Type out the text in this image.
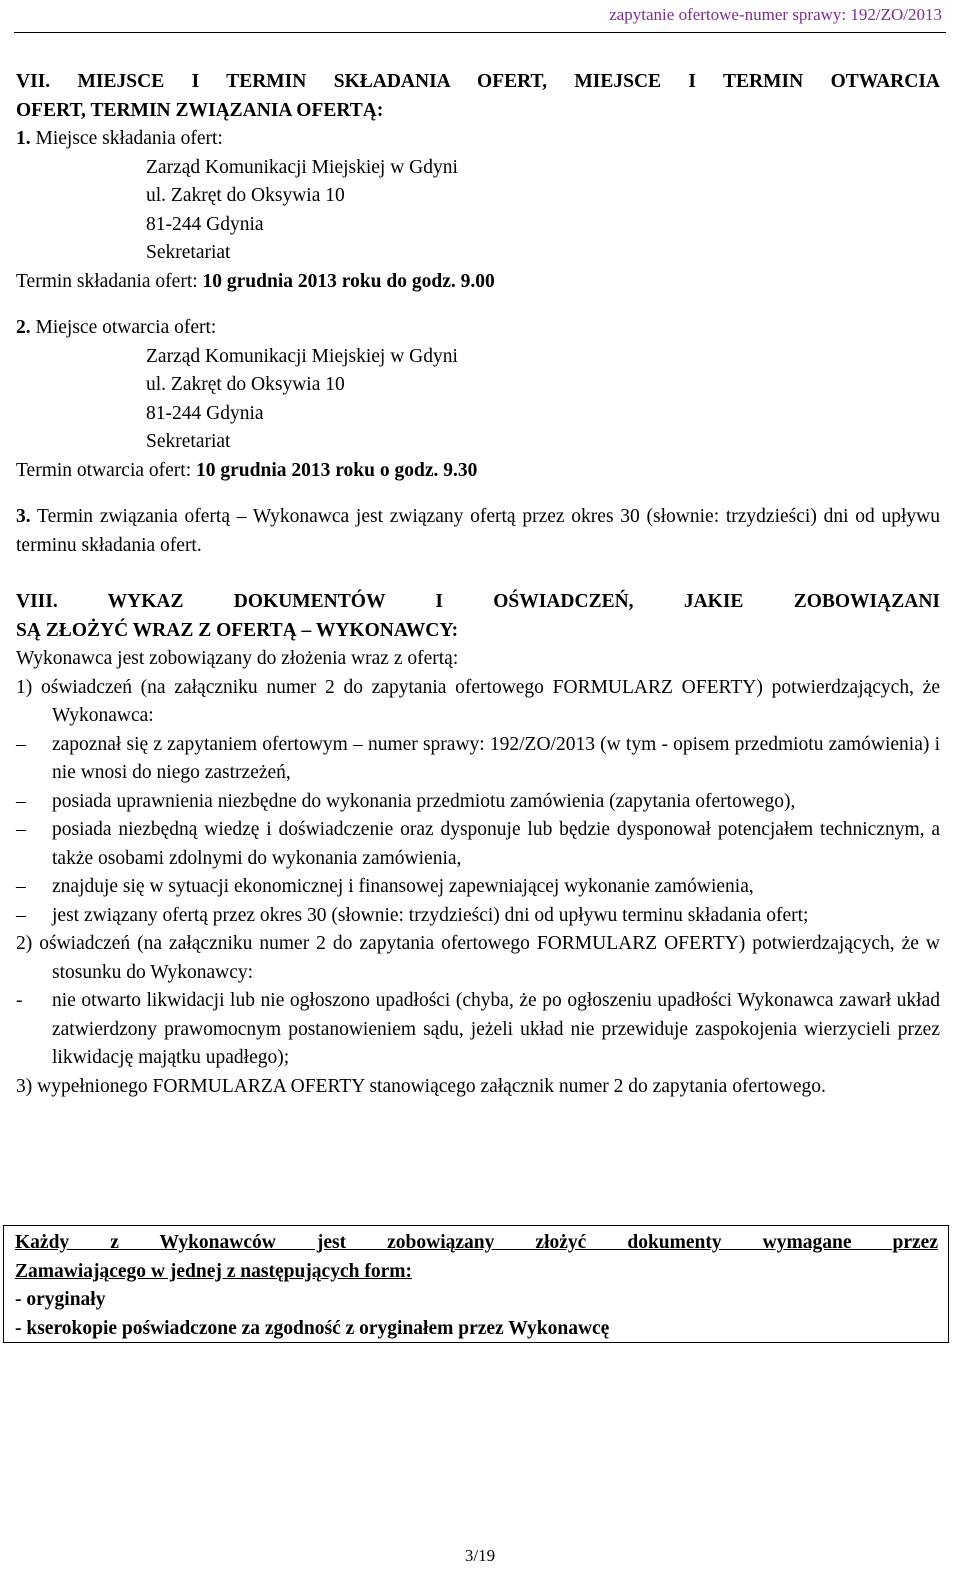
zapytanie ofertowe-numer sprawy: 192/ZO/2013

VII. MIEJSCE I TERMIN SKŁADANIA OFERT, MIEJSCE I TERMIN OTWARCIA

OFERT, TERMIN ZWIĄZANIA OFERTĄ:

1. Miejsce składania ofert:

Zarząd Komunikacji Miejskiej w Gdyni

ul. Zakręt do Oksywia 10

81-244 Gdynia

Sekretariat

Termin składania ofert: 10 grudnia 2013 roku do godz. 9.00

2. Miejsce otwarcia ofert:

Zarząd Komunikacji Miejskiej w Gdyni

ul. Zakręt do Oksywia 10

81-244 Gdynia

Sekretariat

Termin otwarcia ofert: 10 grudnia 2013 roku o godz. 9.30

3. Termin związania ofertą – Wykonawca jest związany ofertą przez okres 30 (słownie: trzydzieści) dni od upływu terminu składania ofert.

VIII. WYKAZ DOKUMENTÓW I OŚWIADCZEŃ, JAKIE ZOBOWIĄZANI

SĄ ZŁOŻYĆ WRAZ Z OFERTĄ – WYKONAWCY:

Wykonawca jest zobowiązany do złożenia wraz z ofertą:

1) oświadczeń (na załączniku numer 2 do zapytania ofertowego FORMULARZ OFERTY) potwierdzających, że Wykonawca:

– zapoznał się z zapytaniem ofertowym – numer sprawy: 192/ZO/2013 (w tym - opisem przedmiotu zamówienia) i nie wnosi do niego zastrzeżeń,
– posiada uprawnienia niezbędne do wykonania przedmiotu zamówienia (zapytania ofertowego),
– posiada niezbędną wiedzę i doświadczenie oraz dysponuje lub będzie dysponował potencjałem technicznym, a także osobami zdolnymi do wykonania zamówienia,
– znajduje się w sytuacji ekonomicznej i finansowej zapewniającej wykonanie zamówienia,
– jest związany ofertą przez okres 30 (słownie: trzydzieści) dni od upływu terminu składania ofert;

2) oświadczeń (na załączniku numer 2 do zapytania ofertowego FORMULARZ OFERTY) potwierdzających, że w stosunku do Wykonawcy:

- nie otwarto likwidacji lub nie ogłoszono upadłości (chyba, że po ogłoszeniu upadłości Wykonawca zawarł układ zatwierdzony prawomocnym postanowieniem sądu, jeżeli układ nie przewiduje zaspokojenia wierzycieli przez likwidację majątku upadłego);

3) wypełnionego FORMULARZA OFERTY stanowiącego załącznik numer 2 do zapytania ofertowego.

Każdy z Wykonawców jest zobowiązany złożyć dokumenty wymagane przez

Zamawiającego w jednej z następujących form:

- oryginały

- kserokopie poświadczone za zgodność z oryginałem przez Wykonawcę

3/19
